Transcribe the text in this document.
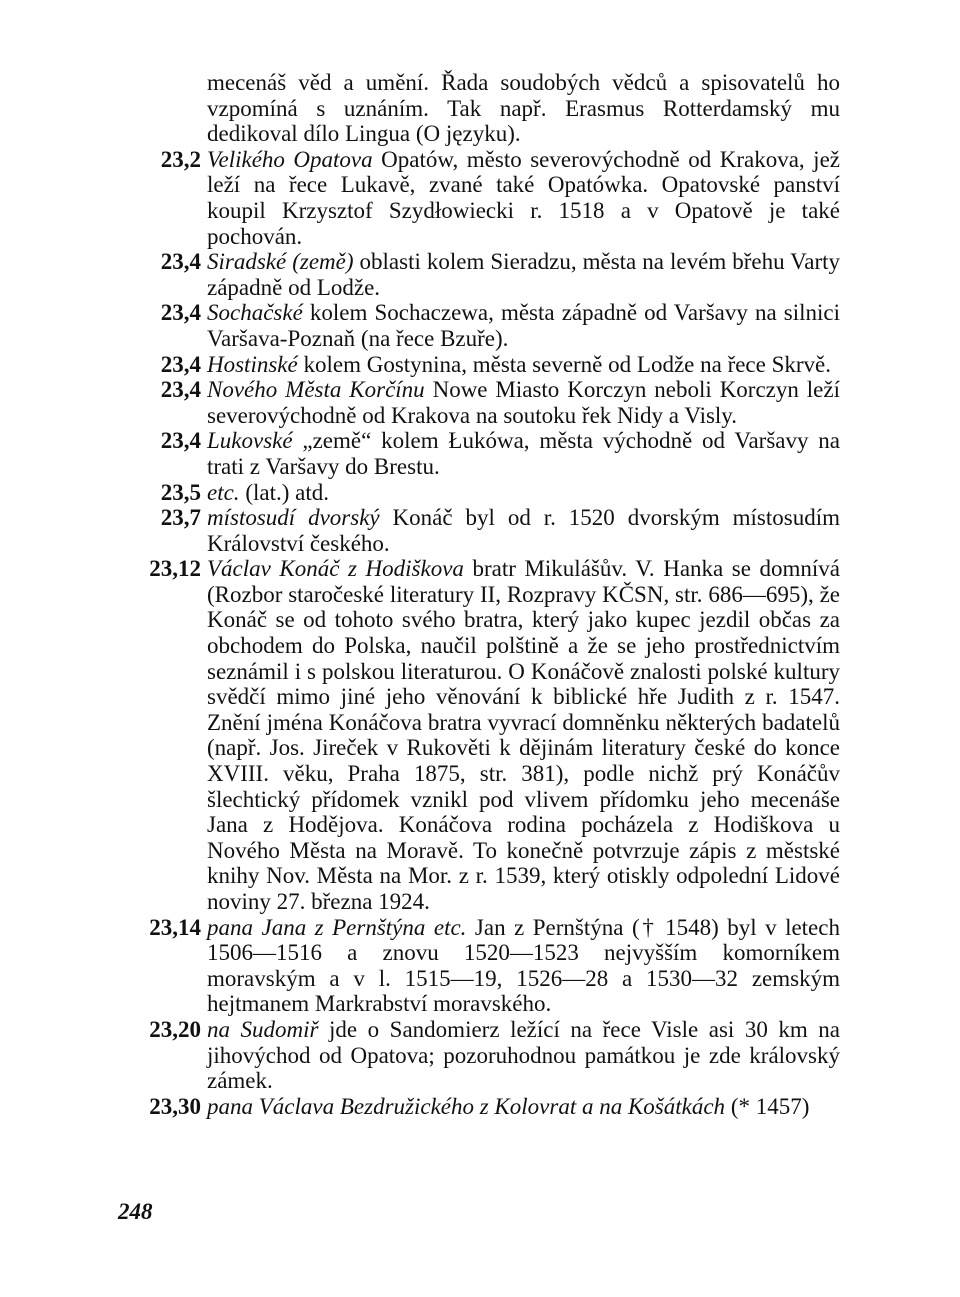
mecenáš věd a umění. Řada soudobých vědců a spisovatelů ho vzpomíná s uznáním. Tak např. Erasmus Rotterdamský mu dedikoval dílo Lingua (O języku).
23,2 Velikého Opatova Opatów, město severovýchodně od Krakova, jež leží na řece Lukavě, zvané také Opatówka. Opatovské panství koupil Krzysztof Szydłowiecki r. 1518 a v Opatově je také pochován.
23,4 Siradské (země) oblasti kolem Sieradzu, města na levém břehu Varty západně od Lodže.
23,4 Sochačské kolem Sochaczewa, města západně od Varšavy na silnici Varšava-Poznaň (na řece Bzuře).
23,4 Hostinské kolem Gostynina, města severně od Lodže na řece Skrvě.
23,4 Nového Města Korčínu Nowe Miasto Korczyn neboli Korczyn leží severovýchodně od Krakova na soutoku řek Nidy a Visly.
23,4 Lukovské „země“ kolem Łukówa, města východně od Varšavy na trati z Varšavy do Brestu.
23,5 etc. (lat.) atd.
23,7 místosudí dvorský Konáč byl od r. 1520 dvorským místosudím Království českého.
23,12 Václav Konáč z Hodiškova bratr Mikulášův. V. Hanka se domnívá (Rozbor staročeské literatury II, Rozpravy KČSN, str. 686—695), že Konáč se od tohoto svého bratra, který jako kupec jezdil občas za obchodem do Polska, naučil polštině a že se jeho prostřednictvím seznámil i s polskou literaturou. O Konáčově znalosti polské kultury svědčí mimo jiné jeho věnování k biblické hře Judith z r. 1547. Znění jména Konáčova bratra vyvrací domněnku některých badatelů (např. Jos. Jireček v Rukověti k dějinám literatury české do konce XVIII. věku, Praha 1875, str. 381), podle nichž prý Konáčův šlechtický přídomek vznikl pod vlivem přídomku jeho mecenáše Jana z Hodějova. Konáčova rodina pocházela z Hodiškova u Nového Města na Moravě. To konečně potvrzuje zápis z městské knihy Nov. Města na Mor. z r. 1539, který otiskly odpolední Lidové noviny 27. března 1924.
23,14 pana Jana z Pernštýna etc. Jan z Pernštýna († 1548) byl v letech 1506—1516 a znovu 1520—1523 nejvyšším komorníkem moravským a v l. 1515—19, 1526—28 a 1530—32 zemským hejtmanem Markrabství moravského.
23,20 na Sudomiř jde o Sandomierz ležící na řece Visle asi 30 km na jihovýchod od Opatova; pozoruhodnou památkou je zde královský zámek.
23,30 pana Václava Bezdružického z Kolovrat a na Košátkách (* 1457)
248
